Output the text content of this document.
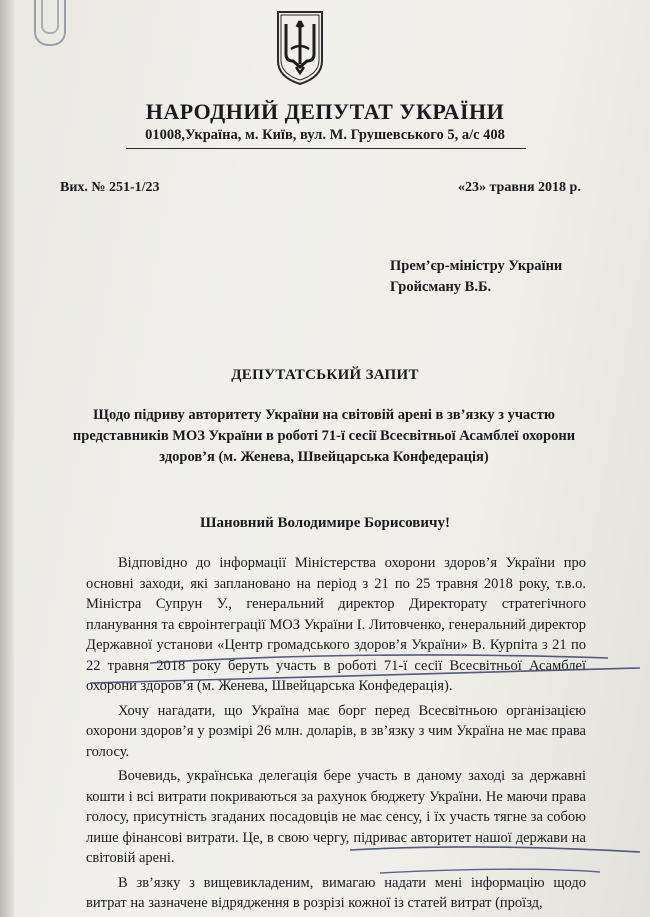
НАРОДНИЙ ДЕПУТАТ УКРАЇНИ
01008,Україна, м. Київ, вул. М. Грушевського 5, а/с 408
Вих. № 251-1/23	«23» травня 2018 р.
Прем’єр-міністру України
Гройсману В.Б.
ДЕПУТАТСЬКИЙ ЗАПИТ
Щодо підриву авторитету України на світовій арені в зв’язку з участю представників МОЗ України в роботі 71-ї сесії Всесвітньої Асамблеї охорони здоров’я (м. Женева, Швейцарська Конфедерація)
Шановний Володимире Борисовичу!

Відповідно до інформації Міністерства охорони здоров’я України про основні заходи, які заплановано на період з 21 по 25 травня 2018 року, т.в.о. Міністра Супрун У., генеральний директор Директорату стратегічного планування та євроінтеграції МОЗ України І. Литовченко, генеральний директор Державної установи «Центр громадського здоров’я України» В. Курпіта з 21 по 22 травня 2018 року беруть участь в роботі 71-ї сесії Всесвітньої Асамблеї охорони здоров’я (м. Женева, Швейцарська Конфедерація).

Хочу нагадати, що Україна має борг перед Всесвітньою організацією охорони здоров’я у розмірі 26 млн. доларів, в зв’язку з чим Україна не має права голосу.

Вочевидь, українська делегація бере участь в даному заході за державні кошти і всі витрати покриваються за рахунок бюджету України. Не маючи права голосу, присутність згаданих посадовців не має сенсу, і їх участь тягне за собою лише фінансові витрати. Це, в свою чергу, підриває авторитет нашої держави на світовій арені.

В зв’язку з вищевикладеним, вимагаю надати мені інформацію щодо витрат на зазначене відрядження в розрізі кожної із статей витрат (проїзд,
